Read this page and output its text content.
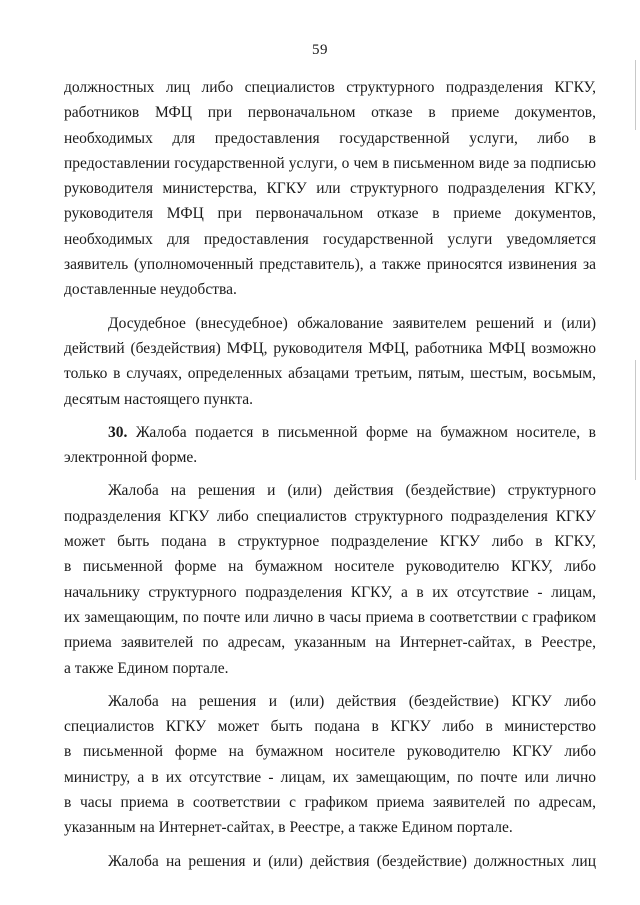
59
должностных лиц либо специалистов структурного подразделения КГКУ,
работников МФЦ при первоначальном отказе в приеме документов,
необходимых для предоставления государственной услуги, либо в
предоставлении государственной услуги, о чем в письменном виде за подписью
руководителя министерства, КГКУ или структурного подразделения КГКУ,
руководителя МФЦ при первоначальном отказе в приеме документов,
необходимых для предоставления государственной услуги уведомляется
заявитель (уполномоченный представитель), а также приносятся извинения за
доставленные неудобства.
Досудебное (внесудебное) обжалование заявителем решений и (или)
действий (бездействия) МФЦ, руководителя МФЦ, работника МФЦ возможно
только в случаях, определенных абзацами третьим, пятым, шестым, восьмым,
десятым настоящего пункта.
30. Жалоба подается в письменной форме на бумажном носителе, в
электронной форме.
Жалоба на решения и (или) действия (бездействие) структурного
подразделения КГКУ либо специалистов структурного подразделения КГКУ
может быть подана в структурное подразделение КГКУ либо в КГКУ,
в письменной форме на бумажном носителе руководителю КГКУ, либо
начальнику структурного подразделения КГКУ, а в их отсутствие - лицам,
их замещающим, по почте или лично в часы приема в соответствии с графиком
приема заявителей по адресам, указанным на Интернет-сайтах, в Реестре,
а также Едином портале.
Жалоба на решения и (или) действия (бездействие) КГКУ либо
специалистов КГКУ может быть подана в КГКУ либо в министерство
в письменной форме на бумажном носителе руководителю КГКУ либо
министру, а в их отсутствие - лицам, их замещающим, по почте или лично
в часы приема в соответствии с графиком приема заявителей по адресам,
указанным на Интернет-сайтах, в Реестре, а также Едином портале.
Жалоба на решения и (или) действия (бездействие) должностных лиц
